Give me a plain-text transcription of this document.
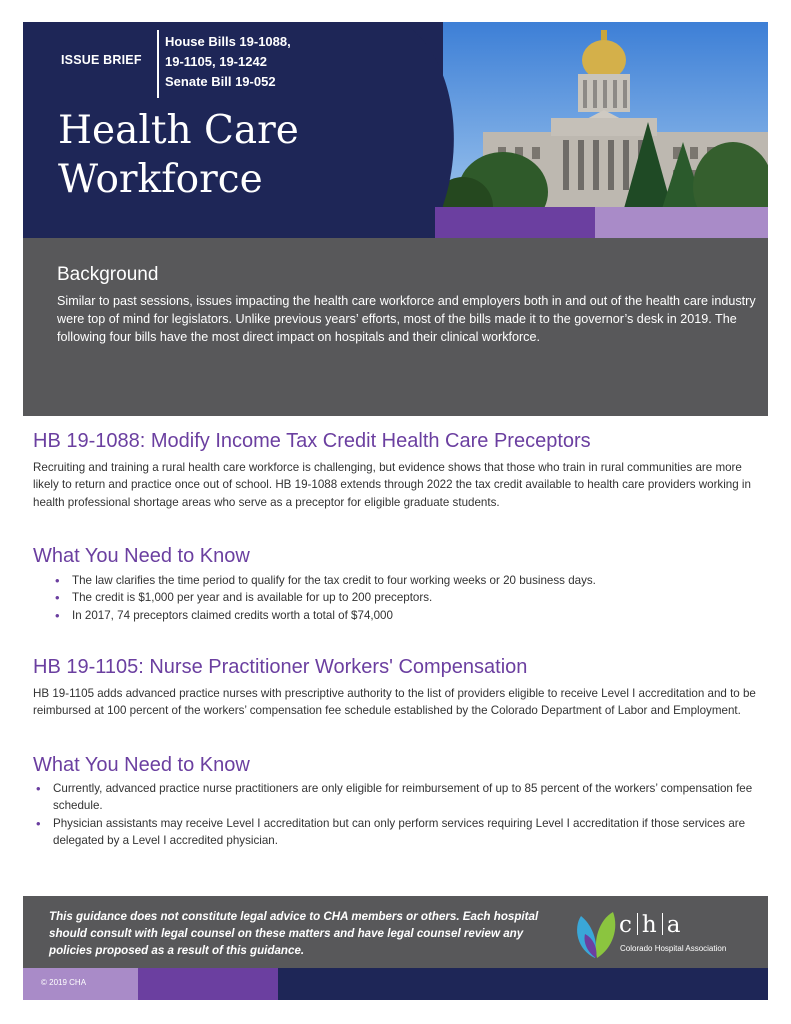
ISSUE BRIEF
House Bills 19-1088,
19-1105, 19-1242
Senate Bill 19-052
Health Care
Workforce
Background
Similar to past sessions, issues impacting the health care workforce and employers both in and out of the health care industry were top of mind for legislators. Unlike previous years’ efforts, most of the bills made it to the governor’s desk in 2019. The following four bills have the most direct impact on hospitals and their clinical workforce.
HB 19-1088: Modify Income Tax Credit Health Care Preceptors
Recruiting and training a rural health care workforce is challenging, but evidence shows that those who train in rural communities are more likely to return and practice once out of school. HB 19-1088 extends through 2022 the tax credit available to health care providers working in health professional shortage areas who serve as a preceptor for eligible graduate students.
What You Need to Know
• The law clarifies the time period to qualify for the tax credit to four working weeks or 20 business days.
• The credit is $1,000 per year and is available for up to 200 preceptors.
• In 2017, 74 preceptors claimed credits worth a total of $74,000
HB 19-1105: Nurse Practitioner Workers' Compensation
HB 19-1105 adds advanced practice nurses with prescriptive authority to the list of providers eligible to receive Level I accreditation and to be reimbursed at 100 percent of the workers’ compensation fee schedule established by the Colorado Department of Labor and Employment.
What You Need to Know
• Currently, advanced practice nurse practitioners are only eligible for reimbursement of up to 85 percent of the workers’ compensation fee schedule.
• Physician assistants may receive Level I accreditation but can only perform services requiring Level I accreditation if those services are delegated by a Level I accredited physician.
This guidance does not constitute legal advice to CHA members or others. Each hospital should consult with legal counsel on these matters and have legal counsel review any policies proposed as a result of this guidance.
c h a
Colorado Hospital Association
© 2019 CHA
